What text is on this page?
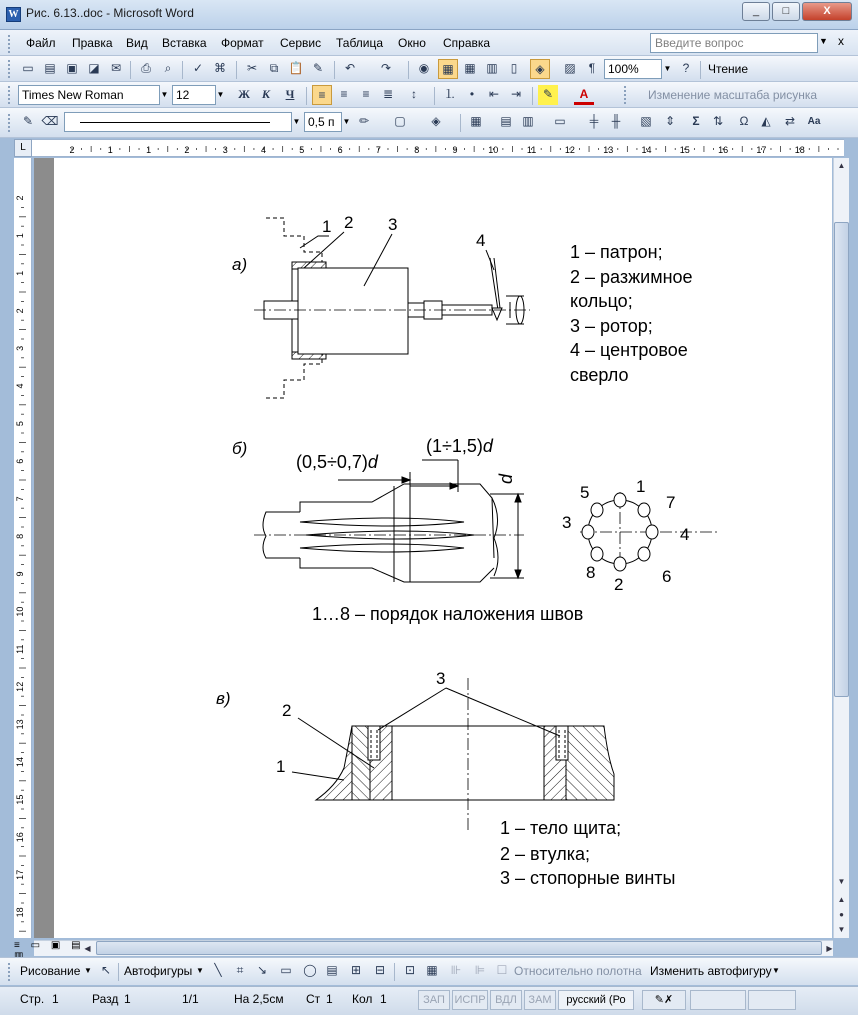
W Рис. 6.13..doc - Microsoft Word	_	□	X
Файл Правка Вид Вставка Формат Сервис Таблица Окно Справка	Введите вопрос	▼ x
▭ ▤ ▣ ◪ ✉	⎙	⌕	✓ ⌘	✂	⧉ 📋 ✎	↶	↷	◉	▦ ▦ ▥	▯	◈	▨	¶	100%	▼ ?	Чтение
Times New Roman	▼ 12	▼	Ж К	Ч	≡	≡	≡	≣	↕	⒈	•	⇤ ⇥	✎	A	Изменение масштаба рисунка
✎ ⌫	▼ 0,5 п	▼ ✏	▢	◈	▦	▤ ▥	▭	╪	╫	▧	⇕	Σ	⇅	Ω	◭	⇄	Aa
2	1	1	2	3	4	5	6	7	8	9	10	11	12	13	14	15	16	17	18
L
2
1
1
2
3
4
5
6
7
8
9
10
11
12
13
14
15
16
17
18
а)
1 2 3
4
1 – патрон;
2 – разжимное
кольцо;
3 – ротор;
4 – центровое
сверло
б)
(0,5÷0,7)d
(1÷1,5)d
d	1
7
4
6
2
8
3
5
1…8 – порядок наложения швов
в)
3
2
1
1 – тело щита;
2 – втулка;
3 – стопорные винты
▲
▼
▲
●
▼
≡ ▭ ▣ ▤ ◀	▶
Рисование ▼ ↖	Автофигуры ▼ ╲	⌗	↘	▭ ◯ ▤	⊞	⊟	⊡ ▦	⊪	⊫ ☐ Относительно полотна Изменить автофигуру ▼
Стр. 1	Разд 1	1/1	На 2,5см Ст 1 Кол 1	ЗАП ИСПР ВДЛ	ЗАМ	русский (Ро	✎✗
